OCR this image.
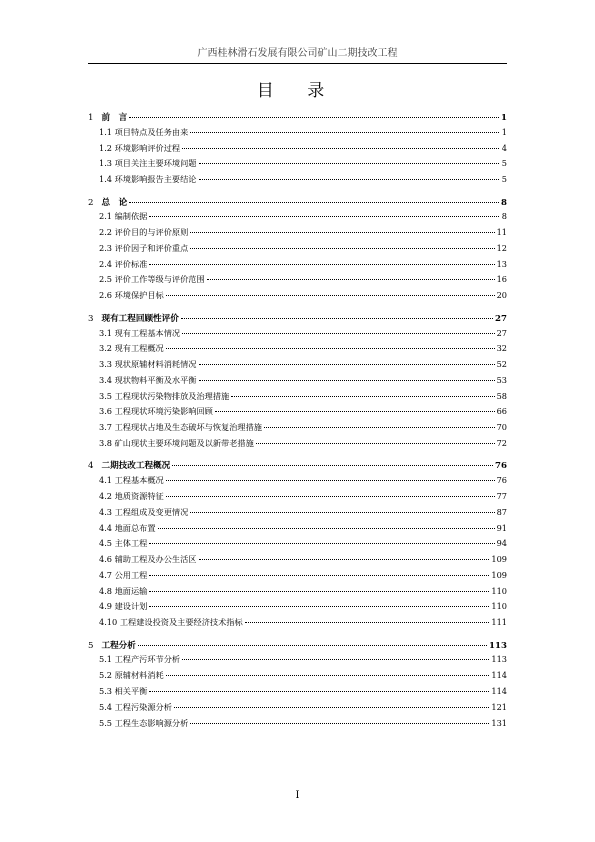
广西桂林滑石发展有限公司矿山二期技改工程
目 录
1 前　言	1
1.1 项目特点及任务由来	1
1.2 环境影响评价过程	4
1.3 项目关注主要环境问题	5
1.4 环境影响报告主要结论	5
2 总　论	8
2.1 编制依据	8
2.2 评价目的与评价原则	11
2.3 评价因子和评价重点	12
2.4 评价标准	13
2.5 评价工作等级与评价范围	16
2.6 环境保护目标	20
3 现有工程回顾性评价	27
3.1 现有工程基本情况	27
3.2 现有工程概况	32
3.3 现状原辅材料消耗情况	52
3.4 现状物料平衡及水平衡	53
3.5 工程现状污染物排放及治理措施	58
3.6 工程现状环境污染影响回顾	66
3.7 工程现状占地及生态破坏与恢复治理措施	70
3.8 矿山现状主要环境问题及以新带老措施	72
4 二期技改工程概况	76
4.1 工程基本概况	76
4.2 地质资源特征	77
4.3 工程组成及变更情况	87
4.4 地面总布置	91
4.5 主体工程	94
4.6 辅助工程及办公生活区	109
4.7 公用工程	109
4.8 地面运输	110
4.9 建设计划	110
4.10 工程建设投资及主要经济技术指标	111
5 工程分析	113
5.1 工程产污环节分析	113
5.2 原辅材料消耗	114
5.3 相关平衡	114
5.4 工程污染源分析	121
5.5 工程生态影响源分析	131
I
